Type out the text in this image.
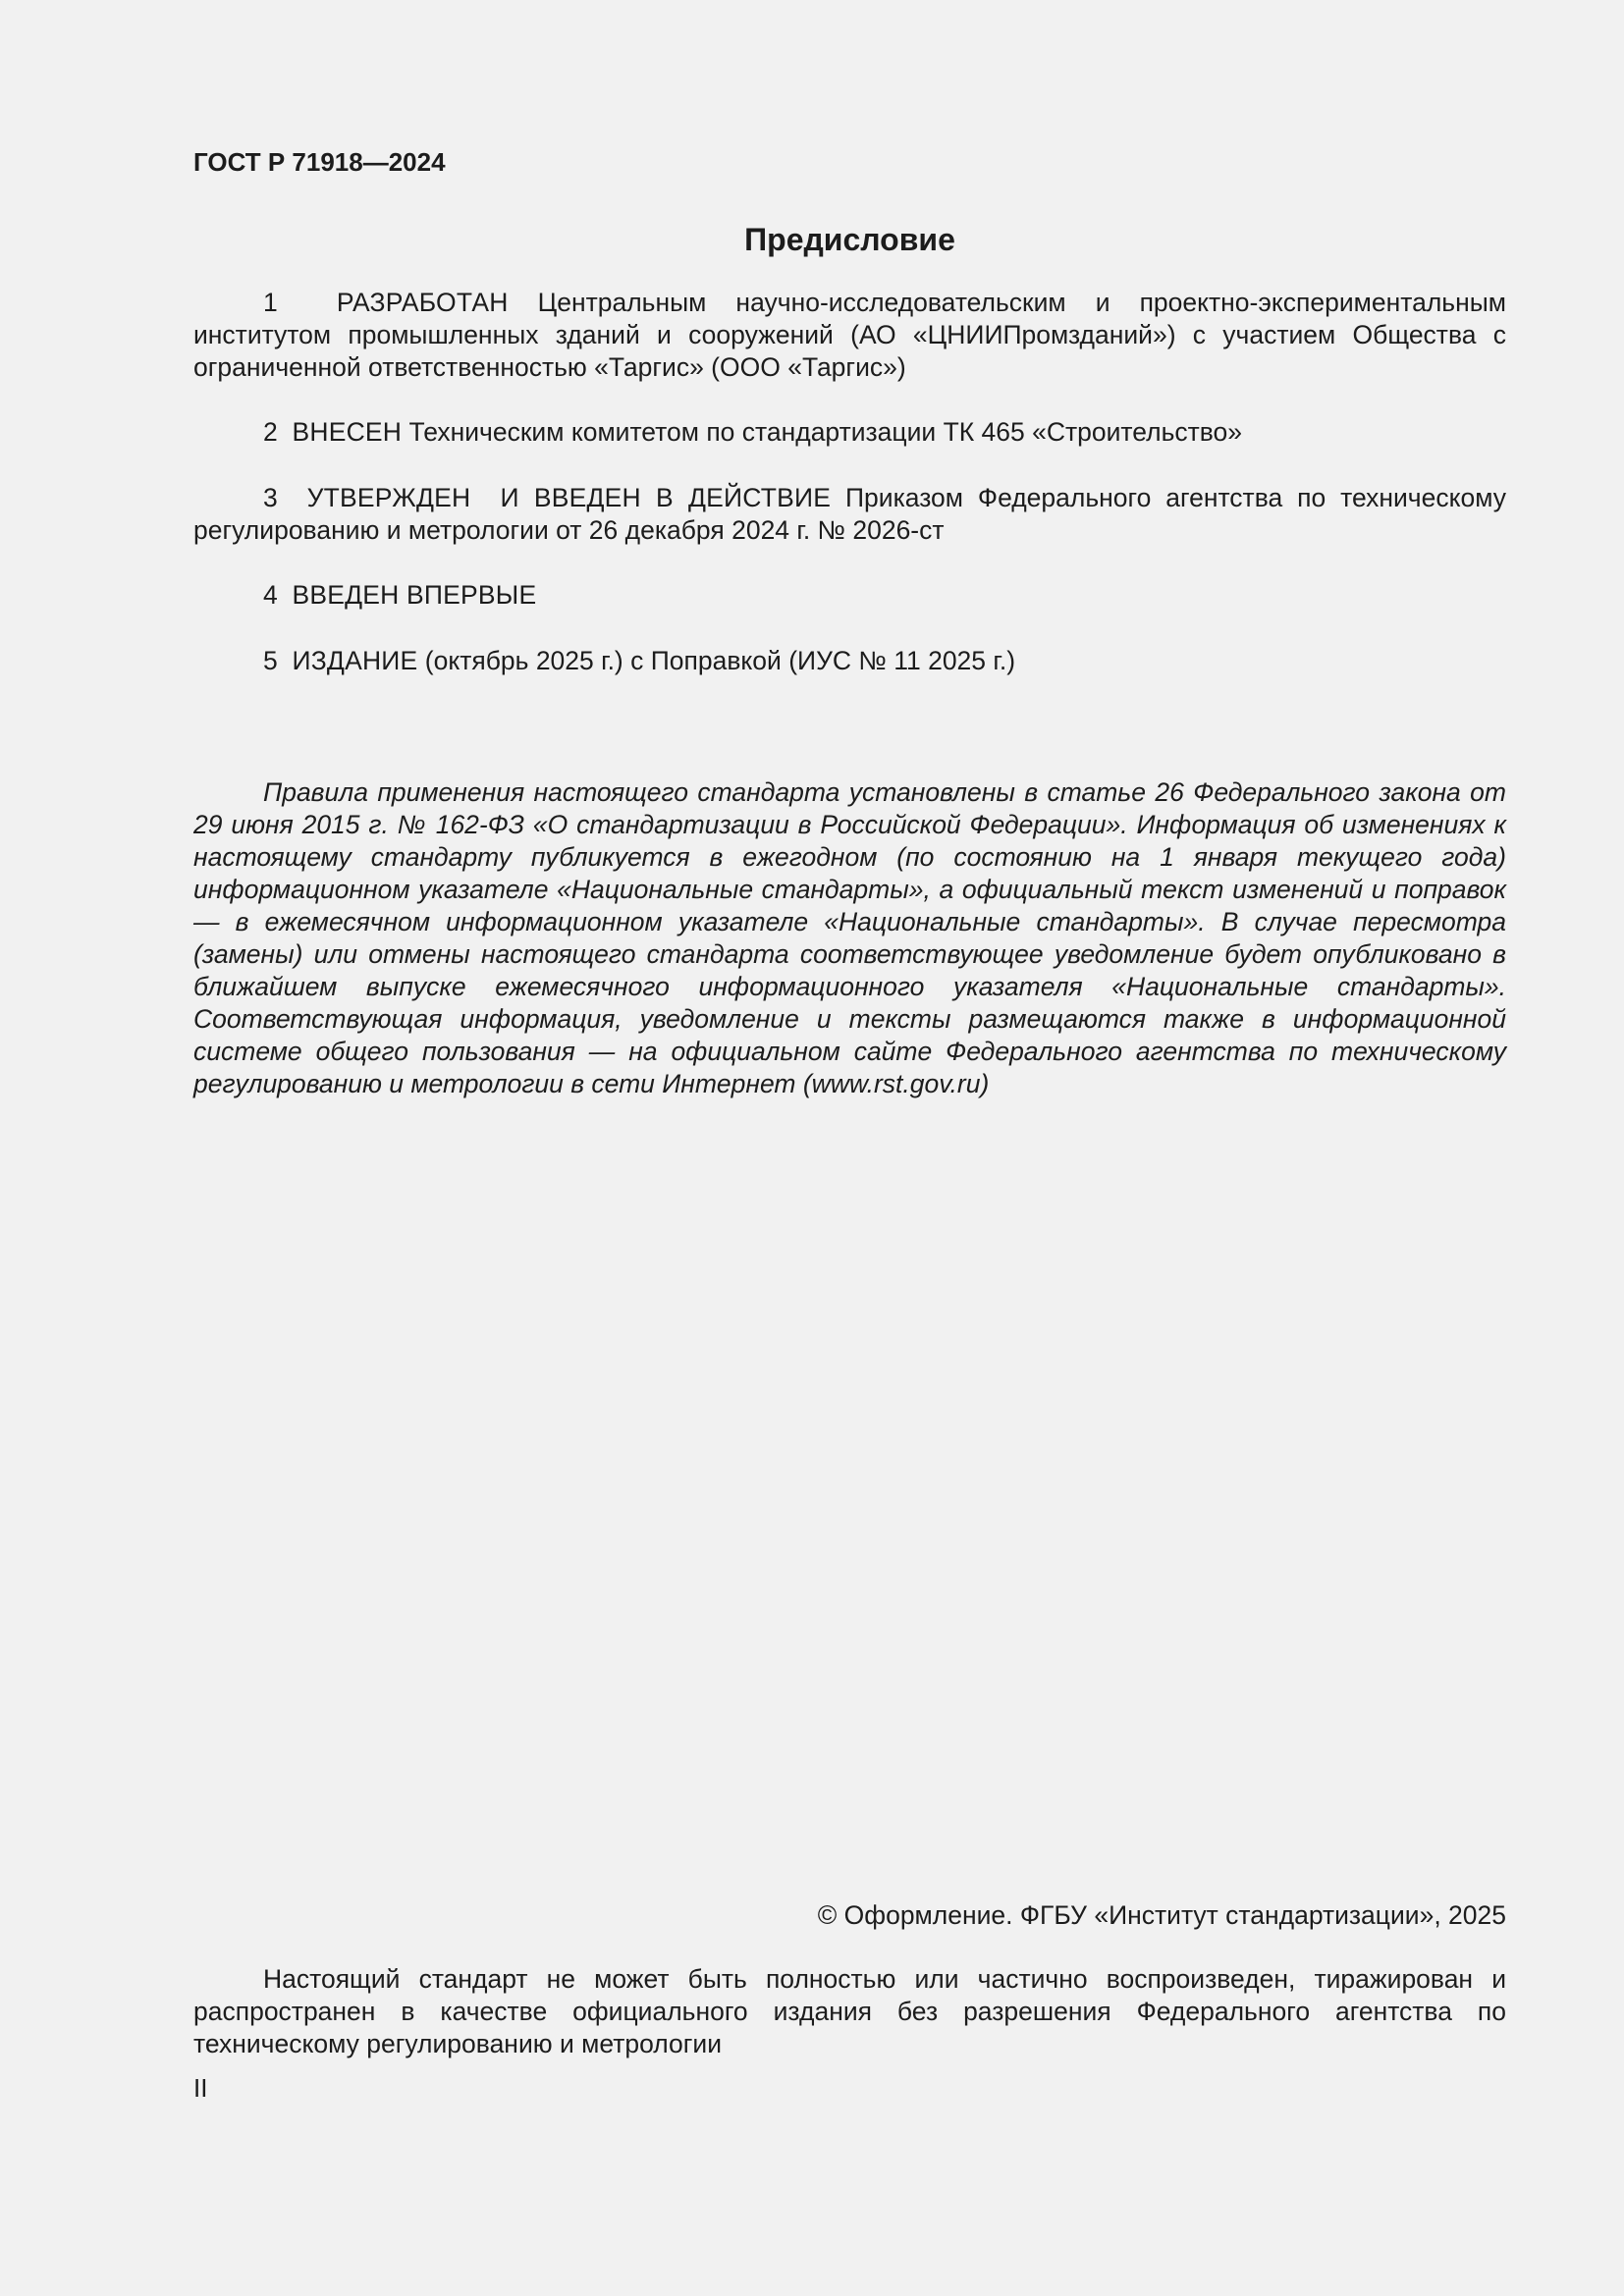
ГОСТ Р 71918—2024
Предисловие

1 РАЗРАБОТАН Центральным научно-исследовательским и проектно-экспериментальным институтом промышленных зданий и сооружений (АО «ЦНИИПромзданий») с участием Общества с ограниченной ответственностью «Таргис» (ООО «Таргис»)

2 ВНЕСЕН Техническим комитетом по стандартизации ТК 465 «Строительство»

3 УТВЕРЖДЕН  И ВВЕДЕН В ДЕЙСТВИЕ Приказом Федерального агентства по техническому регулированию и метрологии от 26 декабря 2024 г. № 2026-ст

4 ВВЕДЕН ВПЕРВЫЕ

5 ИЗДАНИЕ (октябрь 2025 г.) с Поправкой (ИУС № 11 2025 г.)

Правила применения настоящего стандарта установлены в статье 26 Федерального закона от 29 июня 2015 г. № 162-ФЗ «О стандартизации в Российской Федерации». Информация об изменениях к настоящему стандарту публикуется в ежегодном (по состоянию на 1 января текущего года) информационном указателе «Национальные стандарты», а официальный текст изменений и поправок — в ежемесячном информационном указателе «Национальные стандарты». В случае пересмотра (замены) или отмены настоящего стандарта соответствующее уведомление будет опубликовано в ближайшем выпуске ежемесячного информационного указателя «Национальные стандарты». Соответствующая информация, уведомление и тексты размещаются также в информационной системе общего пользования — на официальном сайте Федерального агентства по техническому регулированию и метрологии в сети Интернет (www.rst.gov.ru)

© Оформление. ФГБУ «Институт стандартизации», 2025

Настоящий стандарт не может быть полностью или частично воспроизведен, тиражирован и распространен в качестве официального издания без разрешения Федерального агентства по техническому регулированию и метрологии

II
